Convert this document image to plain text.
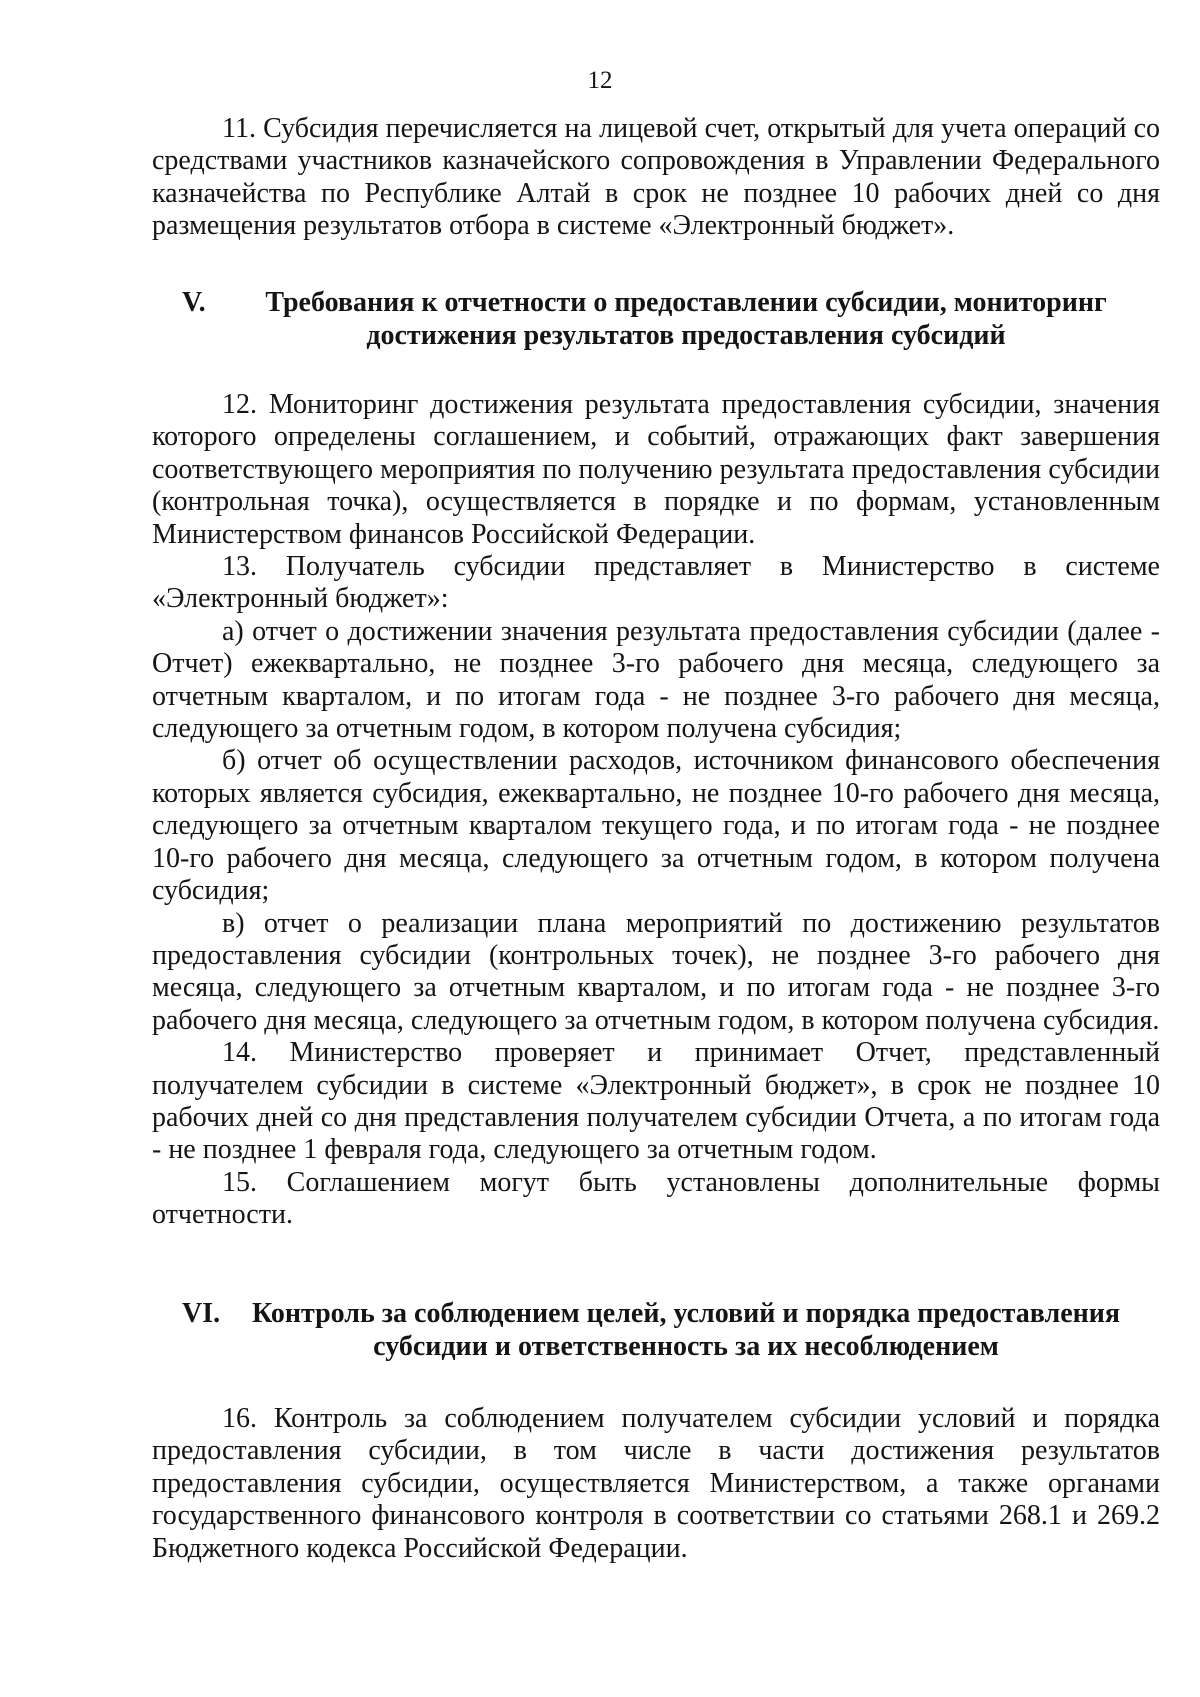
12

11. Субсидия перечисляется на лицевой счет, открытый для учета операций со средствами участников казначейского сопровождения в Управлении Федерального казначейства по Республике Алтай в срок не позднее 10 рабочих дней со дня размещения результатов отбора в системе «Электронный бюджет».

V.	Требования к отчетности о предоставлении субсидии, мониторинг
достижения результатов предоставления субсидий

12. Мониторинг достижения результата предоставления субсидии, значения которого определены соглашением, и событий, отражающих факт завершения соответствующего мероприятия по получению результата предоставления субсидии (контрольная точка), осуществляется в порядке и по формам, установленным Министерством финансов Российской Федерации.

13. Получатель субсидии представляет в Министерство в системе «Электронный бюджет»:

а) отчет о достижении значения результата предоставления субсидии (далее - Отчет) ежеквартально, не позднее 3-го рабочего дня месяца, следующего за отчетным кварталом, и по итогам года - не позднее 3-го рабочего дня месяца, следующего за отчетным годом, в котором получена субсидия;

б) отчет об осуществлении расходов, источником финансового обеспечения которых является субсидия, ежеквартально, не позднее 10-го рабочего дня месяца, следующего за отчетным кварталом текущего года, и по итогам года - не позднее 10-го рабочего дня месяца, следующего за отчетным годом, в котором получена субсидия;

в) отчет о реализации плана мероприятий по достижению результатов предоставления субсидии (контрольных точек), не позднее 3-го рабочего дня месяца, следующего за отчетным кварталом, и по итогам года - не позднее 3-го рабочего дня месяца, следующего за отчетным годом, в котором получена субсидия.

14. Министерство проверяет и принимает Отчет, представленный получателем субсидии в системе «Электронный бюджет», в срок не позднее 10 рабочих дней со дня представления получателем субсидии Отчета, а по итогам года - не позднее 1 февраля года, следующего за отчетным годом.

15. Соглашением могут быть установлены дополнительные формы отчетности.

VI.	Контроль за соблюдением целей, условий и порядка предоставления
субсидии и ответственность за их несоблюдением

16. Контроль за соблюдением получателем субсидии условий и порядка предоставления субсидии, в том числе в части достижения результатов предоставления субсидии, осуществляется Министерством, а также органами государственного финансового контроля в соответствии со статьями 268.1 и 269.2 Бюджетного кодекса Российской Федерации.
